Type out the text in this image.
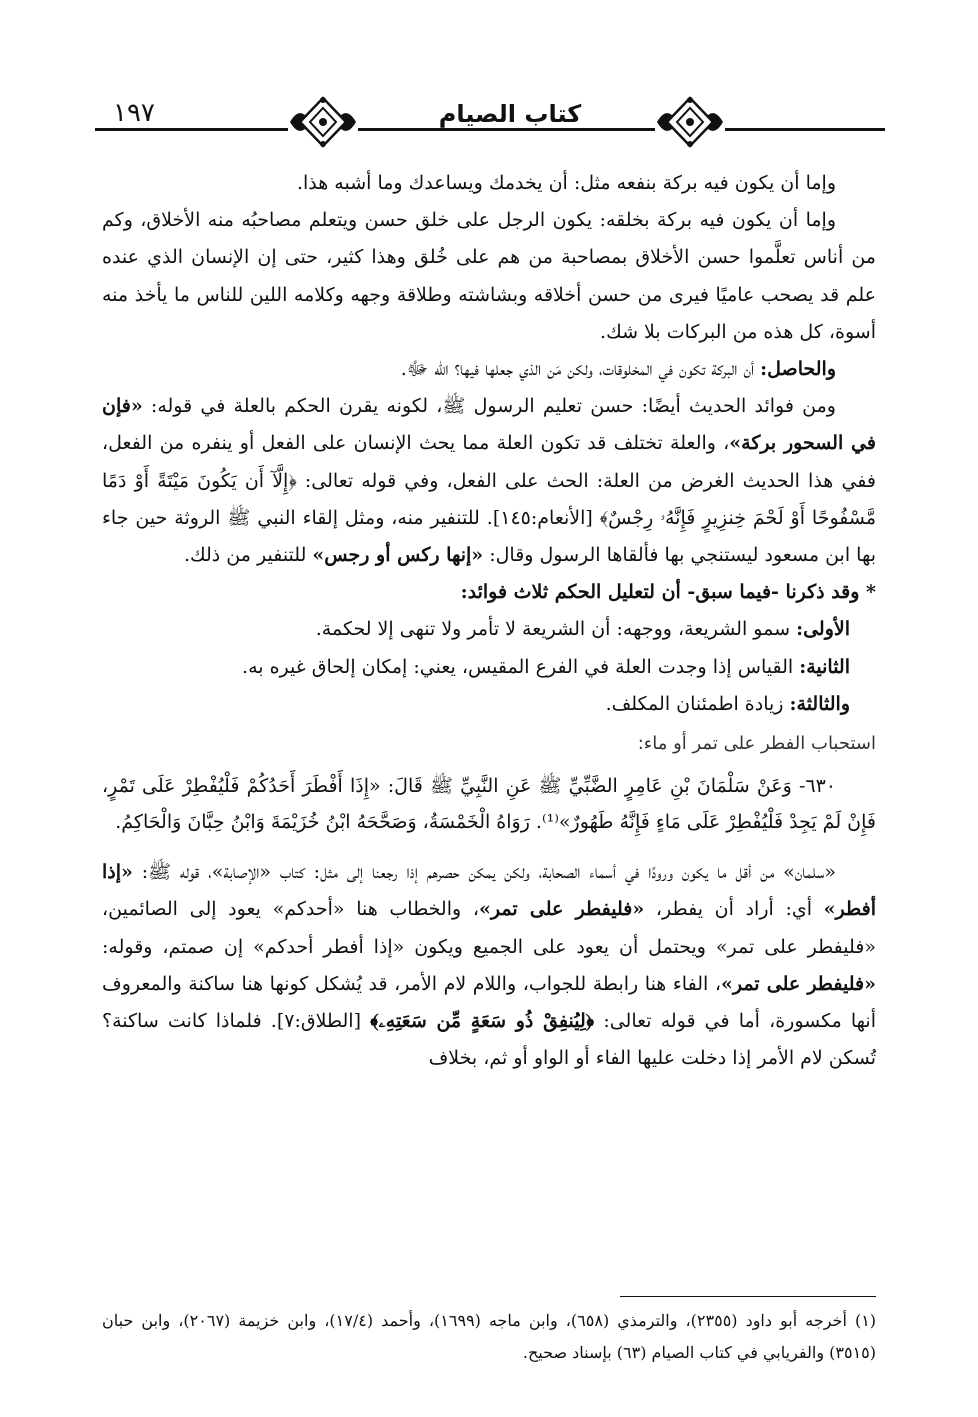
١٩٧	كتاب الصيام

وإما أن يكون فيه بركة بنفعه مثل: أن يخدمك ويساعدك وما أشبه هذا.

وإما أن يكون فيه بركة بخلقه: يكون الرجل على خلق حسن ويتعلم مصاحبُه منه الأخلاق، وكم من أناس تعلَّموا حسن الأخلاق بمصاحبة من هم على خُلق وهذا كثير، حتى إن الإنسان الذي عنده علم قد يصحب عاميًا فيرى من حسن أخلاقه وبشاشته وطلاقة وجهه وكلامه اللين للناس ما يأخذ منه أسوة، كل هذه من البركات بلا شك.

والحاصل: أن البركة تكون في المخلوقات، ولكن مَن الذي جعلها فيها؟ الله ﷻ.

ومن فوائد الحديث أيضًا: حسن تعليم الرسول ﷺ، لكونه يقرن الحكم بالعلة في قوله: «فإن في السحور بركة»، والعلة تختلف قد تكون العلة مما يحث الإنسان على الفعل أو ينفره من الفعل، ففي هذا الحديث الغرض من العلة: الحث على الفعل، وفي قوله تعالى: ﴿إِلَّآ أَن يَكُونَ مَيْتَةً أَوْ دَمًا مَّسْفُوحًا أَوْ لَحْمَ خِنزِيرٍ فَإِنَّهُۥ رِجْسٌ﴾ [الأنعام:١٤٥]. للتنفير منه، ومثل إلقاء النبي ﷺ الروثة حين جاء بها ابن مسعود ليستنجي بها فألقاها الرسول وقال: «إنها ركس أو رجس» للتنفير من ذلك.

* وقد ذكرنا -فيما سبق- أن لتعليل الحكم ثلاث فوائد:

الأولى: سمو الشريعة، ووجهه: أن الشريعة لا تأمر ولا تنهى إلا لحكمة.

الثانية: القياس إذا وجدت العلة في الفرع المقيس، يعني: إمكان إلحاق غيره به.

والثالثة: زيادة اطمئنان المكلف.

استحباب الفطر على تمر أو ماء:

٦٣٠- وَعَنْ سَلْمَانَ بْنِ عَامِرٍ الضَّبِّيِّ ﷺ عَنِ النَّبِيِّ ﷺ قَالَ: «إِذَا أَفْطَرَ أَحَدُكُمْ فَلْيُفْطِرْ عَلَى تَمْرٍ، فَإِنْ لَمْ يَجِدْ فَلْيُفْطِرْ عَلَى مَاءٍ فَإِنَّهُ طَهُورٌ»⁽¹⁾. رَوَاهُ الْخَمْسَةُ، وَصَحَّحَهُ ابْنُ خُزَيْمَةَ وَابْنُ حِبَّانَ وَالْحَاكِمُ.

«سلمان» من أقل ما يكون ورودًا في أسماء الصحابة، ولكن يمكن حصرهم إذا رجعنا إلى مثل: كتاب «الإصابة»، قوله ﷺ: «إذا أفطر» أي: أراد أن يفطر، «فليفطر على تمر»، والخطاب هنا «أحدكم» يعود إلى الصائمين، «فليفطر على تمر» ويحتمل أن يعود على الجميع ويكون «إذا أفطر أحدكم» إن صمتم، وقوله: «فليفطر على تمر»، الفاء هنا رابطة للجواب، واللام لام الأمر، قد يُشكل كونها هنا ساكنة والمعروف أنها مكسورة، أما في قوله تعالى: ﴿لِيُنفِقْ ذُو سَعَةٍ مِّن سَعَتِهِۦ﴾ [الطلاق:٧]. فلماذا كانت ساكنة؟ تُسكن لام الأمر إذا دخلت عليها الفاء أو الواو أو ثم، بخلاف

(١) أخرجه أبو داود (٢٣٥٥)، والترمذي (٦٥٨)، وابن ماجه (١٦٩٩)، وأحمد (١٧/٤)، وابن خزيمة (٢٠٦٧)، وابن حبان (٣٥١٥) والفريابي في كتاب الصيام (٦٣) بإسناد صحيح.
